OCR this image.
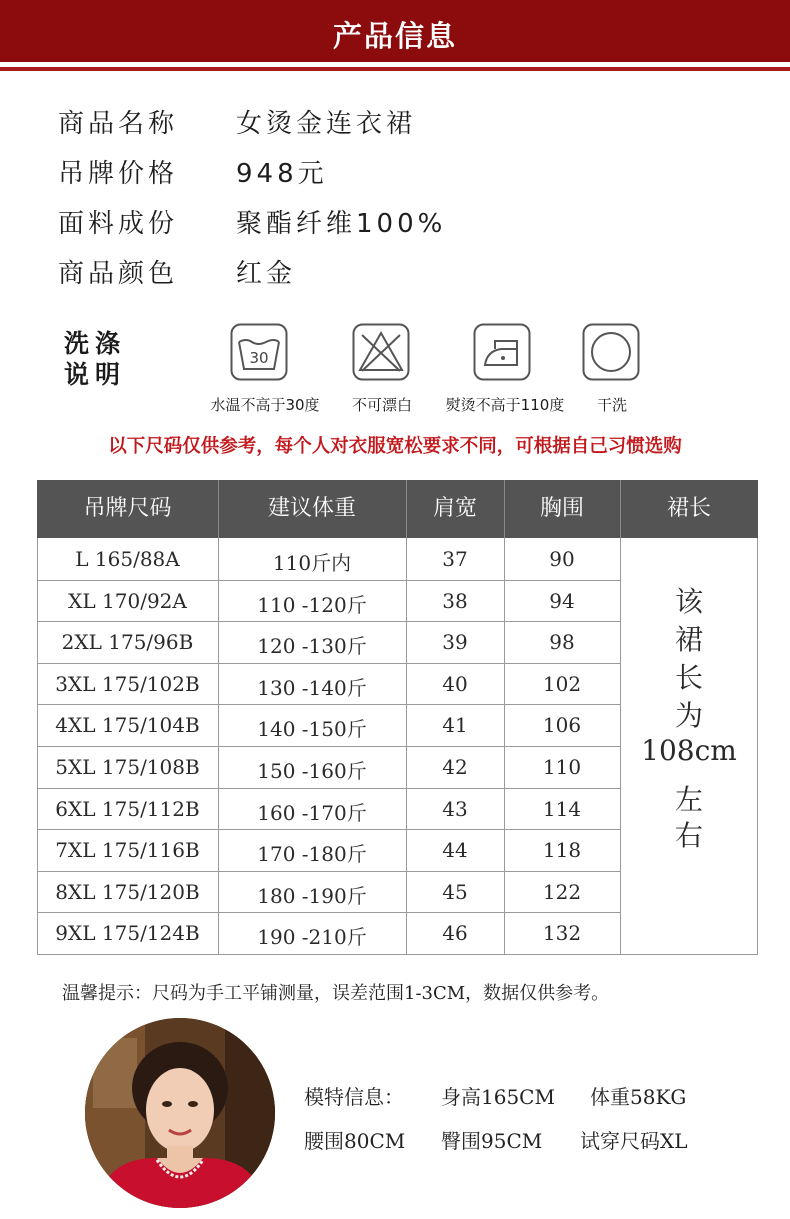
产品信息
商品名称 女烫金连衣裙
吊牌价格 948元
面料成份 聚酯纤维100%
商品颜色 红金
洗涤
说明
30
水温不高于30度	不可漂白	熨烫不高于110度	干洗
以下尺码仅供参考，每个人对衣服宽松要求不同，可根据自己习惯选购
吊牌尺码	建议体重	肩宽	胸围	裙长
L 165/88A	110斤内	37	90
XL 170/92A	110 -120斤	38	94
2XL 175/96B	120 -130斤	39	98
3XL 175/102B	130 -140斤	40	102
4XL 175/104B	140 -150斤	41	106
5XL 175/108B	150 -160斤	42	110
6XL 175/112B	160 -170斤	43	114
7XL 175/116B	170 -180斤	44	118
8XL 175/120B	180 -190斤	45	122
9XL 175/124B	190 -210斤	46	132
该
裙
长
为
108cm
左
右
温馨提示：尺码为手工平铺测量，误差范围1-3CM，数据仅供参考。
模特信息： 身高165CM 体重58KG
腰围80CM 臀围95CM 试穿尺码XL
